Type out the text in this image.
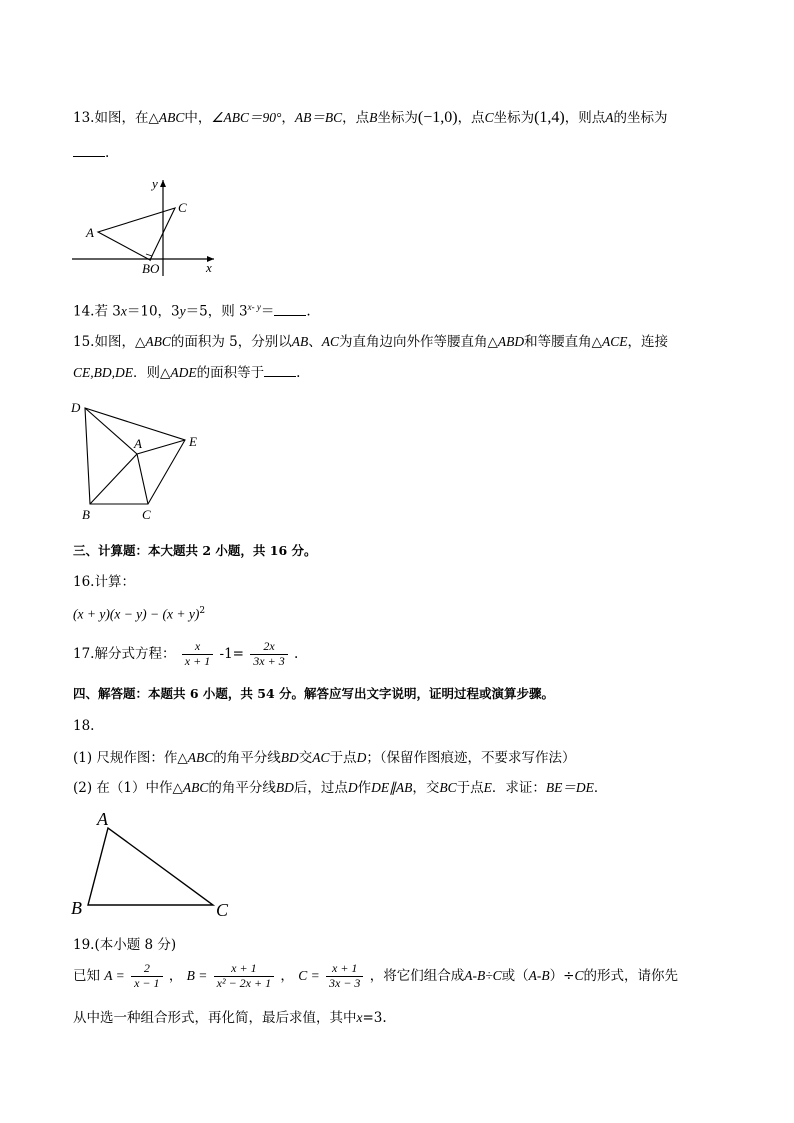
13.如图，在△ABC中，∠ABC＝90°，AB＝BC，点B坐标为(−1,0)，点C坐标为(1,4)，则点A的坐标为
.
y
x
A
C
BO
14.若 3x＝10，3y＝5，则 $3^{x- y}=$ .
15.如图，△ABC的面积为 5，分别以AB、AC为直角边向外作等腰直角△ABD和等腰直角△ACE，连接
CE,BD,DE．则△ADE的面积等于 .
D
A	E
B	C
三、计算题：本大题共 2 小题，共 16 分。
16.计算：
$(x + y)(x - y) - (x + y)^2$
17.解分式方程： $\frac{x}{x + 1} -1= \frac{2x}{3x + 3}$ .
四、解答题：本题共 6 小题，共 54 分。解答应写出文字说明，证明过程或演算步骤。
18.
(1) 尺规作图：作△ABC的角平分线BD交AC于点D；（保留作图痕迹，不要求写作法）
(2) 在（1）中作△ABC的角平分线BD后，过点D作DE∥AB，交BC于点E．求证：BE＝DE．
A
B	C
19.(本小题 8 分)
已知 $A = \frac{2}{x - 1}$ ， $B = \frac{x + 1}{\text{x² − 2x + 1}}$ ， $C = \frac{x + 1}{3x - 3}$ ，将它们组合成A-B÷C或（A-B）÷C的形式，请你先
从中选一种组合形式，再化简，最后求值，其中x=3.
